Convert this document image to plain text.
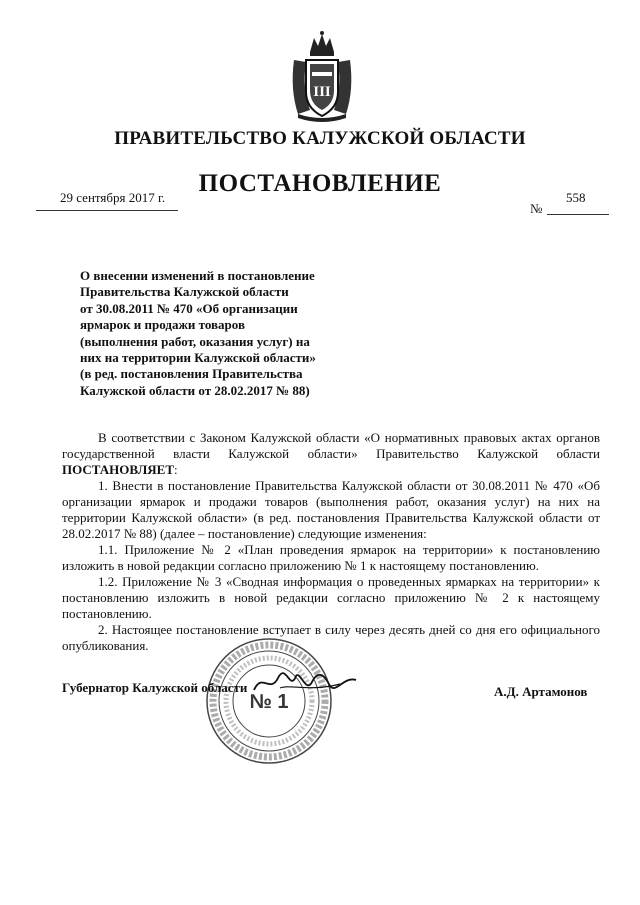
III
ПРАВИТЕЛЬСТВО КАЛУЖСКОЙ ОБЛАСТИ
ПОСТАНОВЛЕНИЕ
29 сентября 2017 г.	558
№
О внесении изменений в постановление
Правительства Калужской области
от 30.08.2011 № 470 «Об организации
ярмарок и продажи товаров
(выполнения работ, оказания услуг) на
них на территории Калужской области»
(в ред. постановления Правительства
Калужской области от 28.02.2017 № 88)

В соответствии с Законом Калужской области «О нормативных правовых актах органов государственной власти Калужской области» Правительство Калужской области ПОСТАНОВЛЯЕТ:

1. Внести в постановление Правительства Калужской области от 30.08.2011 № 470 «Об организации ярмарок и продажи товаров (выполнения работ, оказания услуг) на них на территории Калужской области» (в ред. постановления Правительства Калужской области от 28.02.2017 № 88) (далее – постановление) следующие изменения:

1.1. Приложение № 2 «План проведения ярмарок на территории» к постановлению изложить в новой редакции согласно приложению № 1 к настоящему постановлению.

1.2. Приложение № 3 «Сводная информация о проведенных ярмарках на территории» к постановлению изложить в новой редакции согласно приложению № 2 к настоящему постановлению.

2. Настоящее постановление вступает в силу через десять дней со дня его официального опубликования.

№ 1
Губернатор Калужской области	А.Д. Артамонов
